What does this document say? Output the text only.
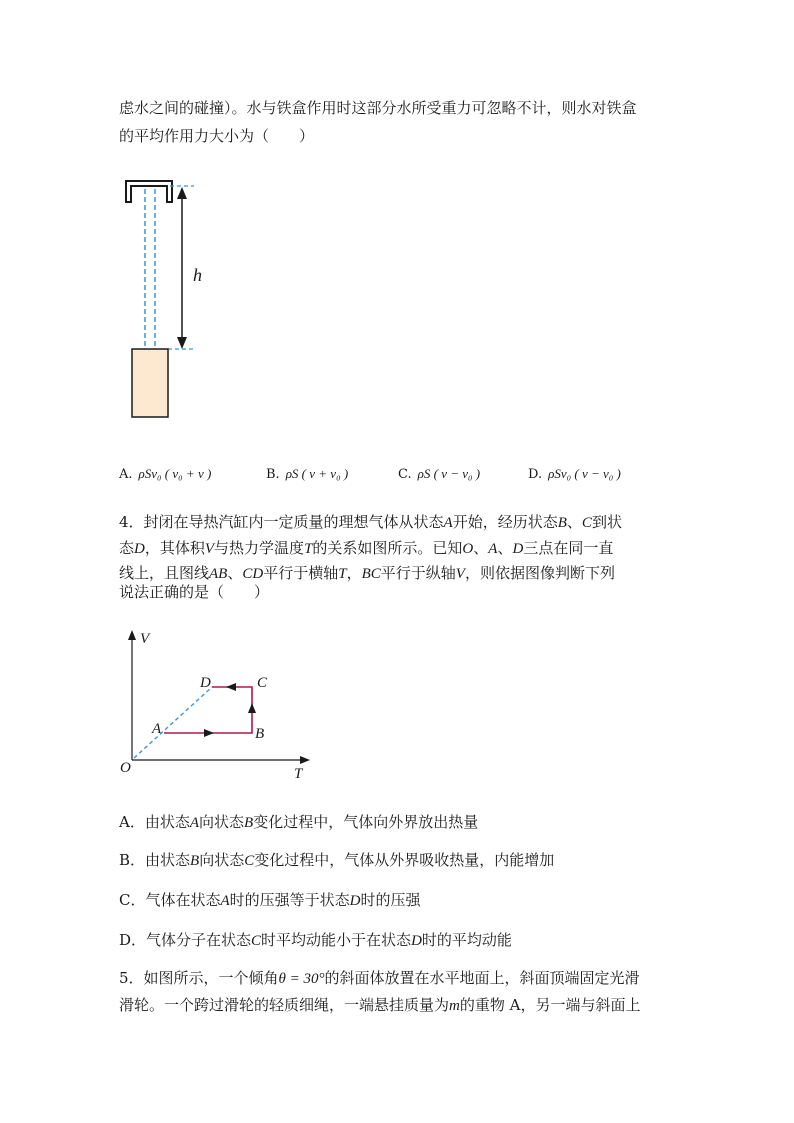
虑水之间的碰撞）。水与铁盒作用时这部分水所受重力可忽略不计，则水对铁盒
的平均作用力大小为（　　）
h
A. ρSv₀ ( v₀ + v )	B. ρS ( v + v₀ )	C. ρS ( v − v₀ )	D. ρSv₀ ( v − v₀ )
4．封闭在导热汽缸内一定质量的理想气体从状态A开始，经历状态B、C到状
态D，其体积V与热力学温度T的关系如图所示。已知O、A、D三点在同一直
线上，且图线AB、CD平行于横轴T，BC平行于纵轴V，则依据图像判断下列
说法正确的是（　　）
V
T
O
A	B
C
D
A．由状态A向状态B变化过程中，气体向外界放出热量
B．由状态B向状态C变化过程中，气体从外界吸收热量，内能增加
C．气体在状态A时的压强等于状态D时的压强
D．气体分子在状态C时平均动能小于在状态D时的平均动能
5．如图所示，一个倾角θ = 30°的斜面体放置在水平地面上，斜面顶端固定光滑
滑轮。一个跨过滑轮的轻质细绳，一端悬挂质量为m的重物 A，另一端与斜面上
